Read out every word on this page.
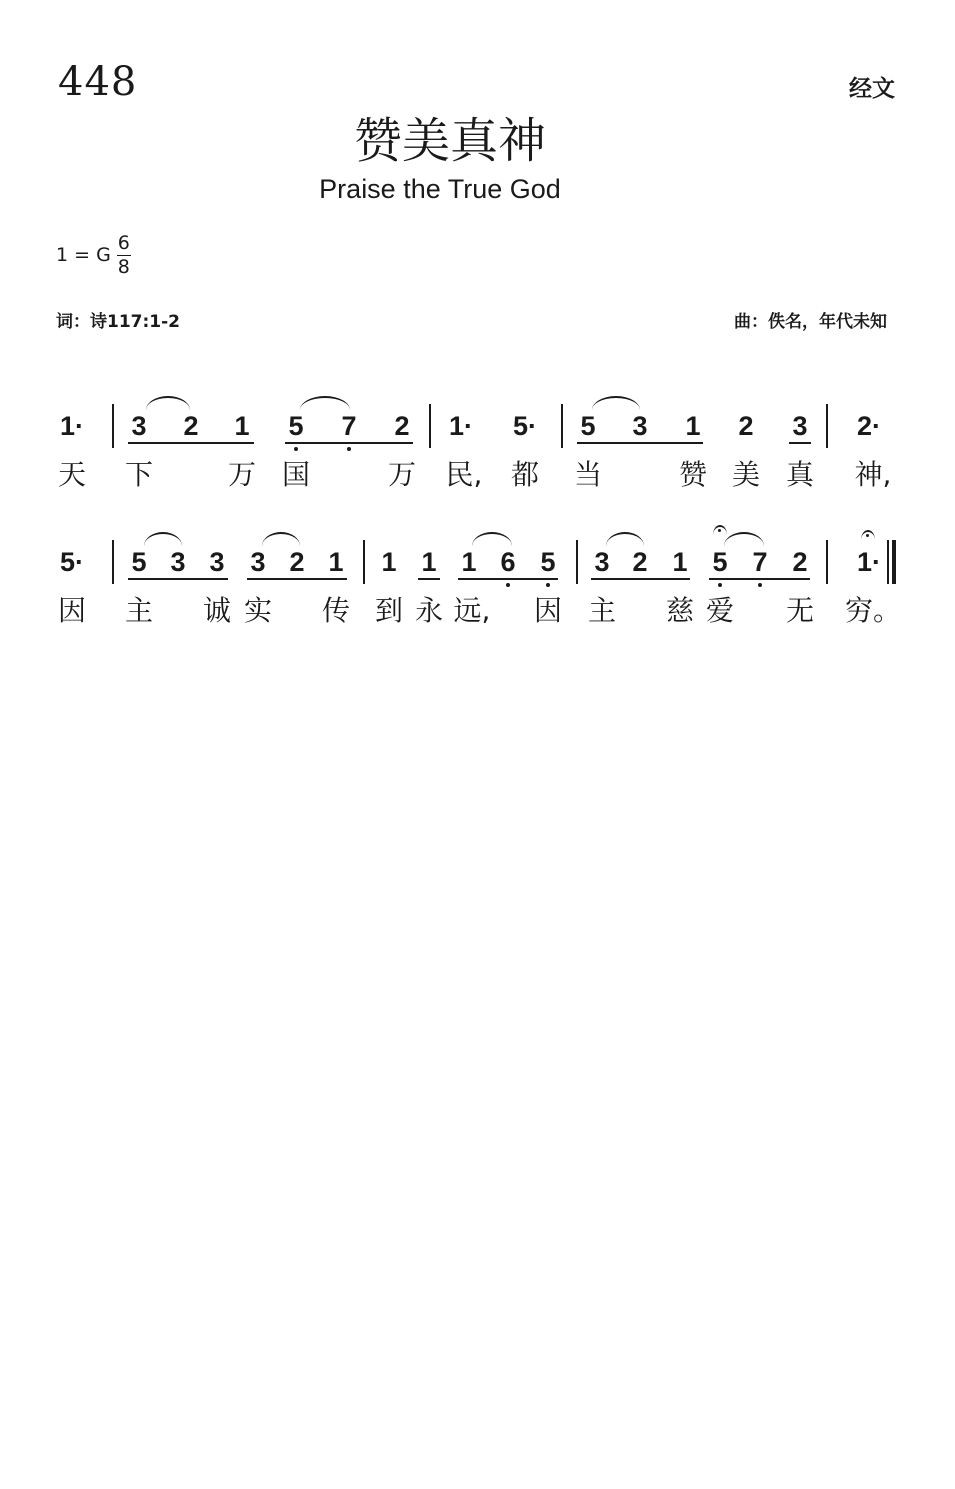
448	经文
赞美真神
Praise the True God
1 = G $\frac{6}{8}$
词：诗117:1-2	曲：佚名，年代未知
1· 3 2 1 5 7 2 1· 5· 5 3 1 2 3 2·
天 下	万 国	万 民, 都 当	赞 美 真 神,
5· 5 3 3 3 2 1 1 1 1 6 5 3 2 1 5 7 2 1·
因 主 诚 实 传 到 永 远, 因 主 慈 爱 无 穷。
